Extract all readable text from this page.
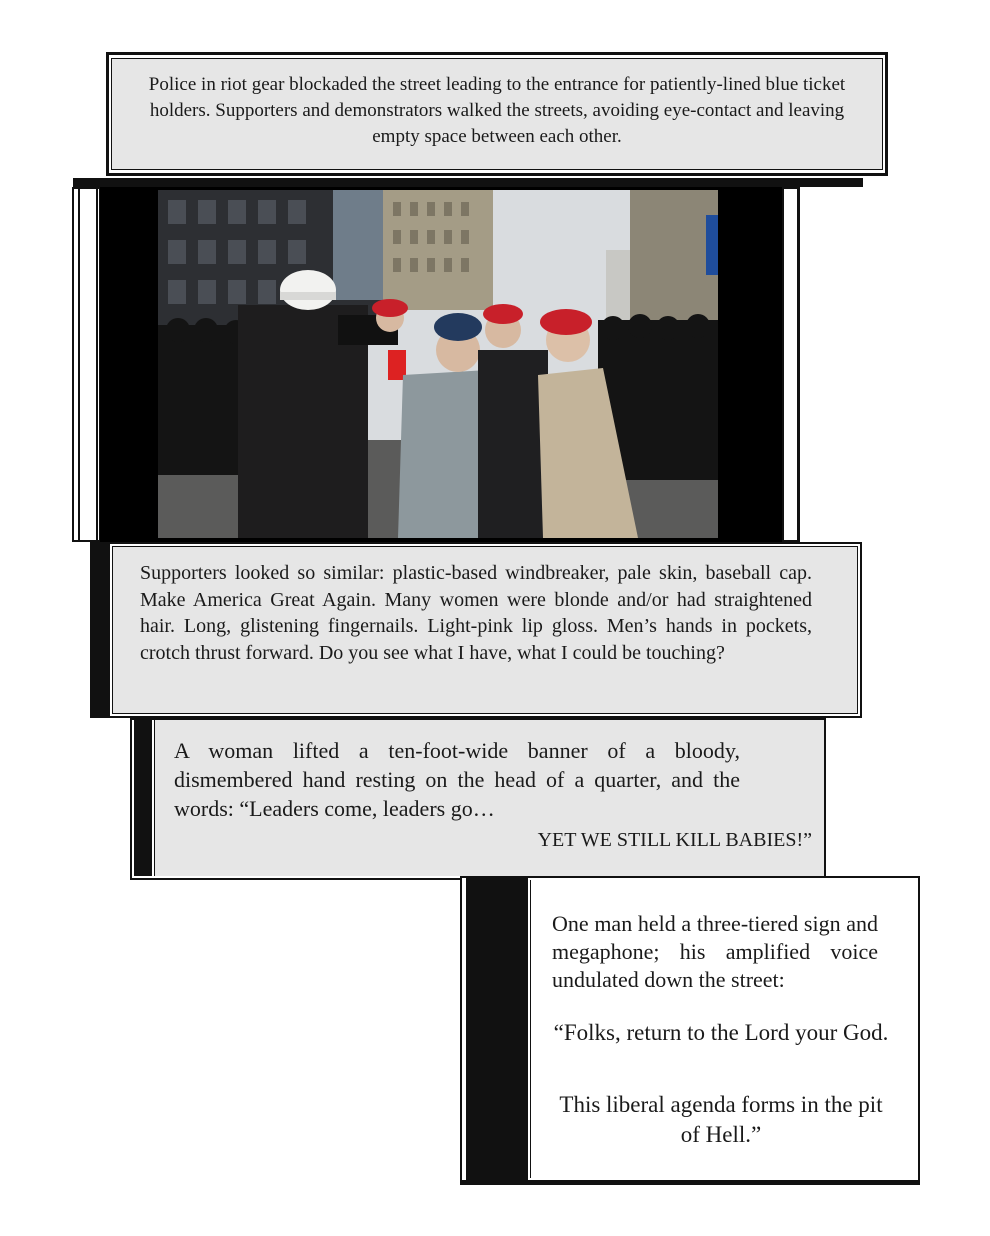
Police in riot gear blockaded the street leading to the entrance for patiently-lined blue ticket holders. Supporters and demonstrators walked the streets, avoiding eye-contact and leaving empty space between each other.
Supporters looked so similar: plastic-based windbreaker, pale skin, baseball cap. Make America Great Again. Many women were blonde and/or had straightened hair. Long, glistening fingernails. Light-pink lip gloss. Men’s hands in pockets, crotch thrust forward. Do you see what I have, what I could be touching?
A woman lifted a ten-foot-wide banner of a bloody, dismembered hand resting on the head of a quarter, and the words: “Leaders come, leaders go…
YET WE STILL KILL BABIES!”
One man held a three-tiered sign and megaphone; his amplified voice undulated down the street:
“Folks, return to the Lord your God.
This liberal agenda forms in the pit of Hell.”
